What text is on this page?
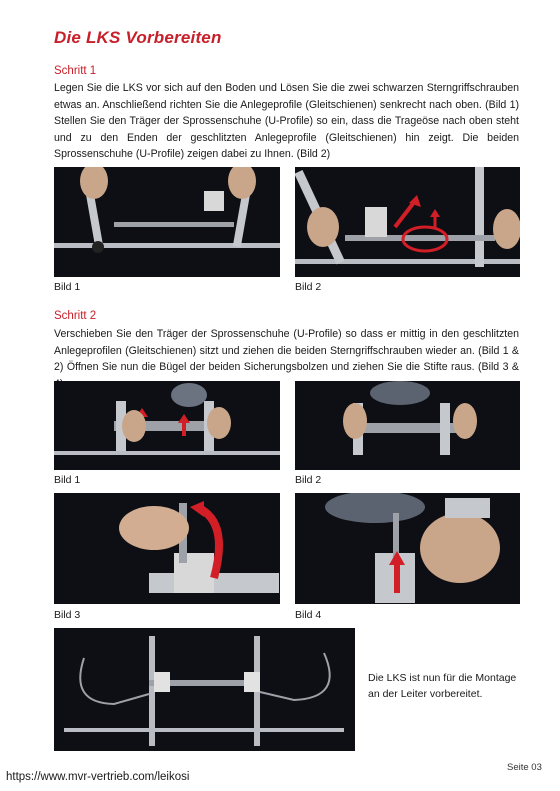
Die LKS Vorbereiten
Schritt 1
Legen Sie die LKS vor sich auf den Boden und Lösen Sie die zwei schwarzen Sterngriffschrauben etwas an. Anschließend richten Sie die Anlegeprofile (Gleitschienen) senkrecht nach oben. (Bild 1) Stellen Sie den Träger der Sprossenschuhe (U-Profile) so ein, dass die Trageöse nach oben steht und zu den Enden der geschlitzten Anlegeprofile (Gleitschienen) hin zeigt. Die beiden Sprossenschuhe (U-Profile) zeigen dabei zu Ihnen. (Bild 2)
Bild 1	Bild 2
Schritt 2
Verschieben Sie den Träger der Sprossenschuhe (U-Profile) so dass er mittig in den geschlitzten Anlegeprofilen (Gleitschienen) sitzt und ziehen die beiden Sterngriffschrauben wieder an. (Bild 1 & 2) Öffnen Sie nun die Bügel der beiden Sicherungsbolzen und ziehen Sie die Stifte raus. (Bild 3 &
Bild 1	Bild 2
Bild 3	Bild 4
Die LKS ist nun für die Montage an der Leiter vorbereitet.
Seite 03
https://www.mvr-vertrieb.com/leikosi
